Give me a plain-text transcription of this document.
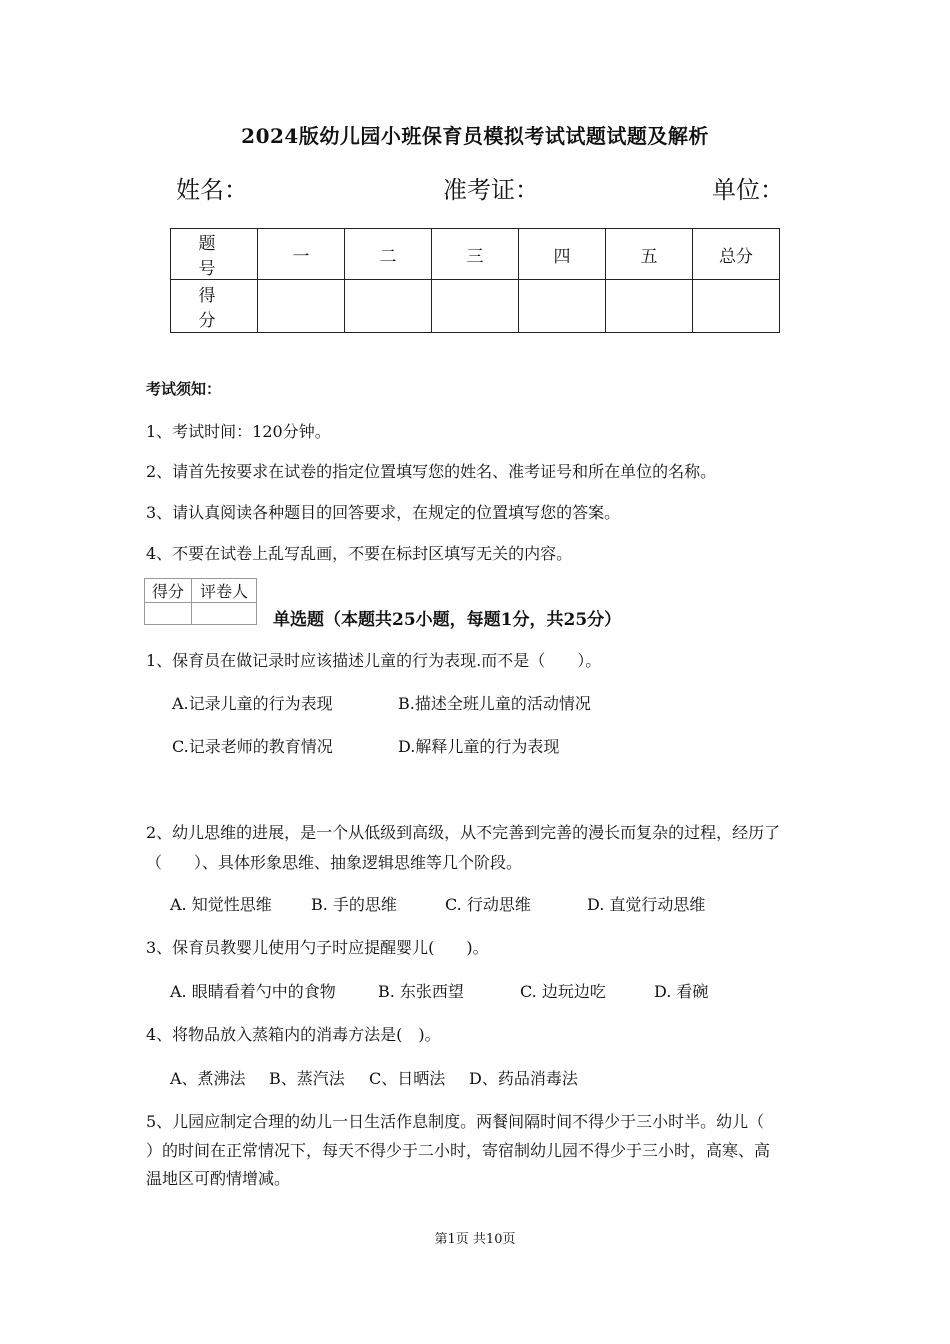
2024版幼儿园小班保育员模拟考试试题试题及解析
姓名：	准考证：	单位：
题　号	一	二	三	四	五	总分
得　分						
考试须知：
1、考试时间：120分钟。
2、请首先按要求在试卷的指定位置填写您的姓名、准考证号和所在单位的名称。
3、请认真阅读各种题目的回答要求，在规定的位置填写您的答案。
4、不要在试卷上乱写乱画，不要在标封区填写无关的内容。
得分	评卷人

单选题（本题共25小题，每题1分，共25分）
1、保育员在做记录时应该描述儿童的行为表现.而不是（　　）。
A.记录儿童的行为表现	B.描述全班儿童的活动情况
C.记录老师的教育情况	D.解释儿童的行为表现
2、幼儿思维的进展，是一个从低级到高级，从不完善到完善的漫长而复杂的过程，经历了
（　　）、具体形象思维、抽象逻辑思维等几个阶段。
A. 知觉性思维 B. 手的思维	C. 行动思维	D. 直觉行动思维
3、保育员教婴儿使用勺子时应提醒婴儿(　　)。
A. 眼睛看着勺中的食物	B. 东张西望	C. 边玩边吃	D. 看碗
4、将物品放入蒸箱内的消毒方法是(　)。
A、煮沸法 B、蒸汽法 C、日晒法 D、药品消毒法
5、儿园应制定合理的幼儿一日生活作息制度。两餐间隔时间不得少于三小时半。幼儿（
）的时间在正常情况下，每天不得少于二小时，寄宿制幼儿园不得少于三小时，高寒、高
温地区可酌情增减。
第1页 共10页
